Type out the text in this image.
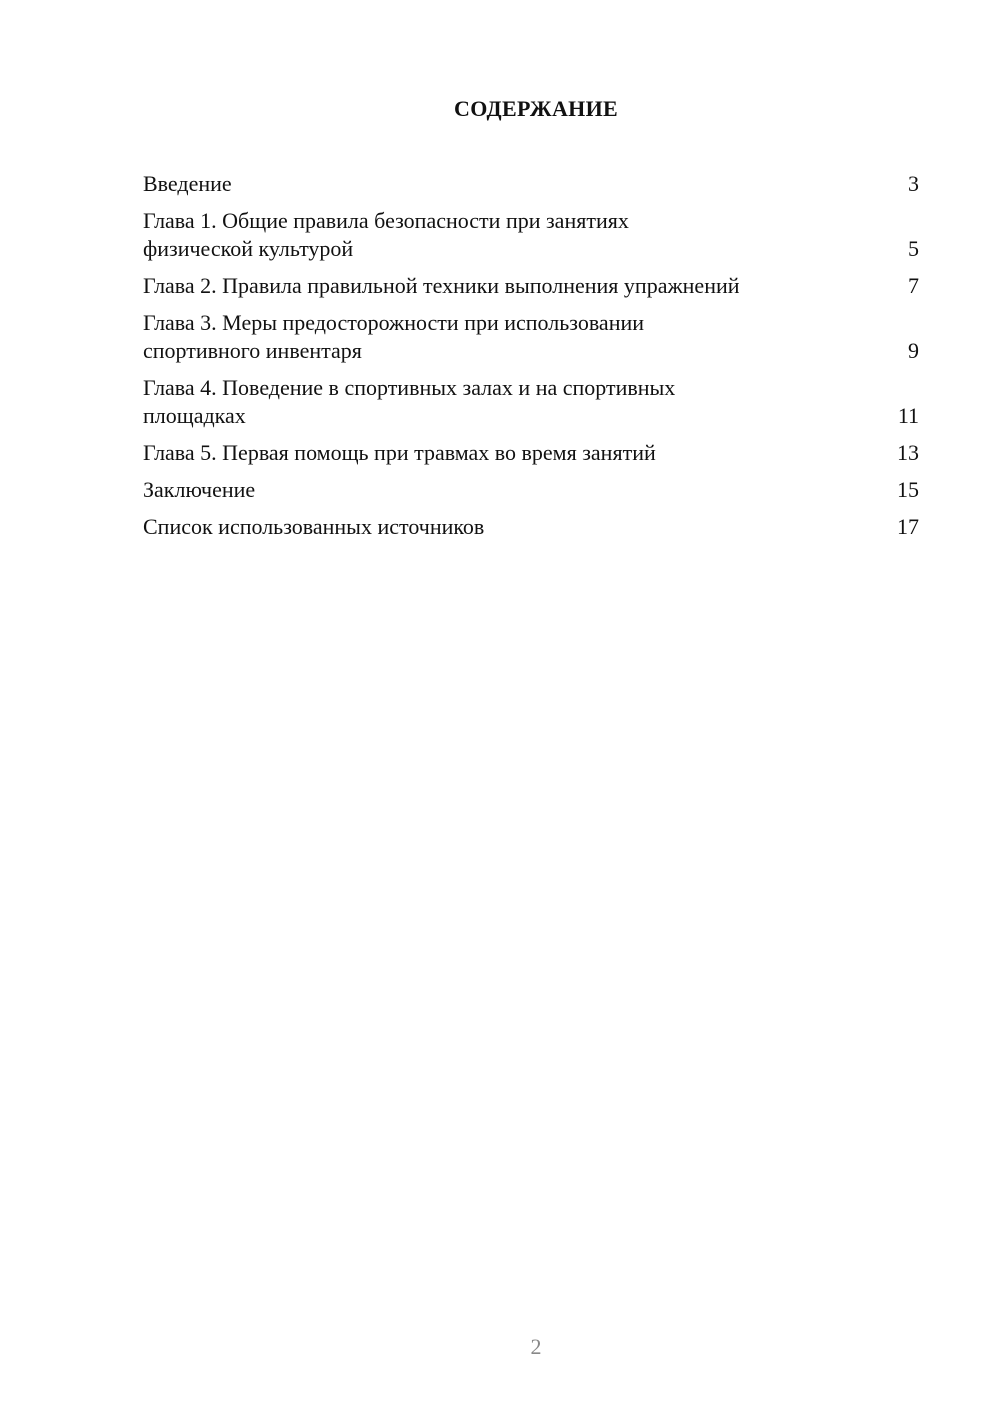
СОДЕРЖАНИЕ
Введение	3
Глава 1. Общие правила безопасности при занятиях
физической культурой	5
Глава 2. Правила правильной техники выполнения упражнений	7
Глава 3. Меры предосторожности при использовании
спортивного инвентаря	9
Глава 4. Поведение в спортивных залах и на спортивных
площадках	11
Глава 5. Первая помощь при травмах во время занятий	13
Заключение	15
Список использованных источников	17
2
